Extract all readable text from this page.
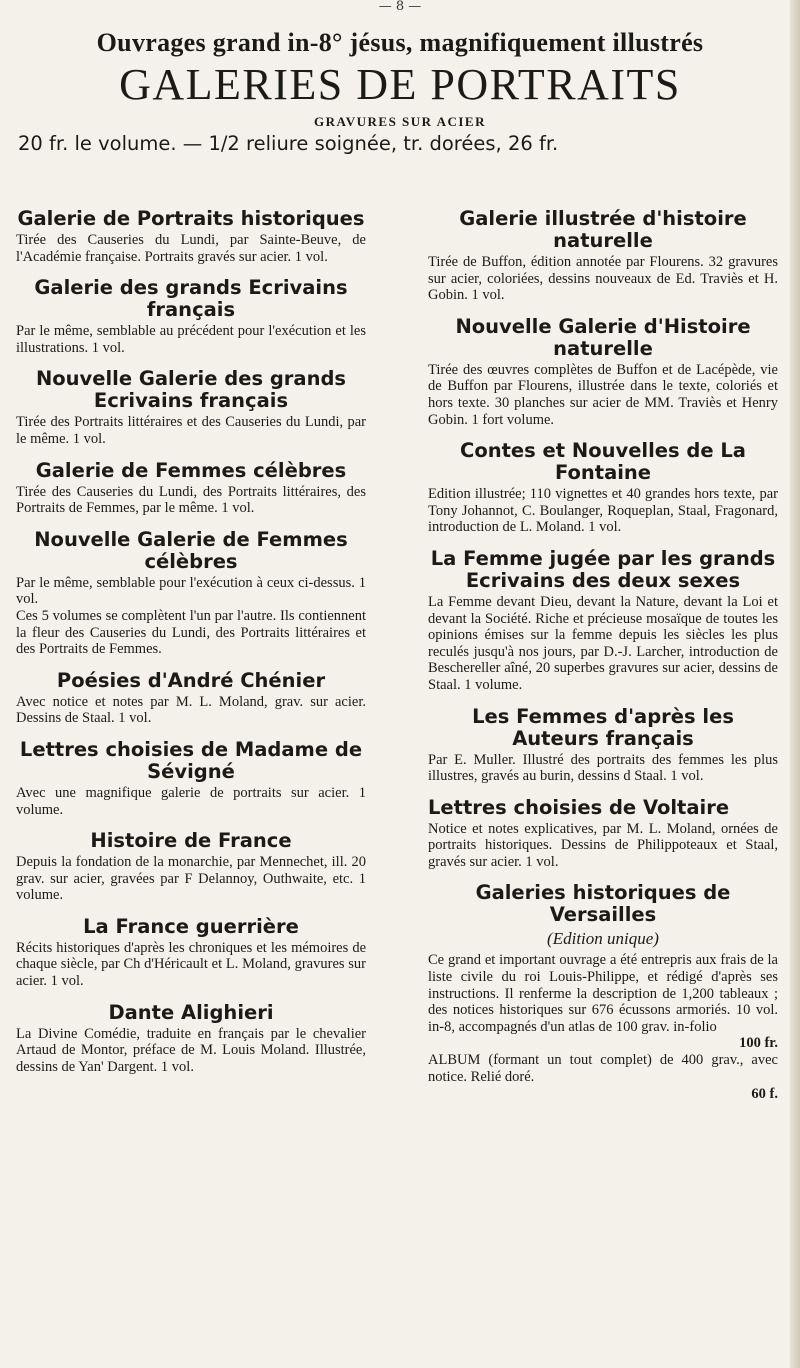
— 8 —
Ouvrages grand in-8° jésus, magnifiquement illustrés
GALERIES DE PORTRAITS
GRAVURES SUR ACIER
20 fr. le volume. — 1/2 reliure soignée, tr. dorées, 26 fr.
Galerie de Portraits historiques
Tirée des Causeries du Lundi, par Sainte-Beuve, de l'Académie française. Portraits gravés sur acier. 1 vol.
Galerie des grands Ecrivains français
Par le même, semblable au précédent pour l'exécution et les illustrations. 1 vol.
Nouvelle Galerie des grands Ecrivains français
Tirée des Portraits littéraires et des Causeries du Lundi, par le même. 1 vol.
Galerie de Femmes célèbres
Tirée des Causeries du Lundi, des Portraits littéraires, des Portraits de Femmes, par le même. 1 vol.
Nouvelle Galerie de Femmes célèbres
Par le même, semblable pour l'exécution à ceux ci-dessus. 1 vol.
Ces 5 volumes se complètent l'un par l'autre. Ils contiennent la fleur des Causeries du Lundi, des Portraits littéraires et des Portraits de Femmes.
Poésies d'André Chénier
Avec notice et notes par M. L. Moland, grav. sur acier. Dessins de Staal. 1 vol.
Lettres choisies de Madame de Sévigné
Avec une magnifique galerie de portraits sur acier. 1 volume.
Histoire de France
Depuis la fondation de la monarchie, par Mennechet, ill. 20 grav. sur acier, gravées par F Delannoy, Outhwaite, etc. 1 volume.
La France guerrière
Récits historiques d'après les chroniques et les mémoires de chaque siècle, par Ch d'Héricault et L. Moland, gravures sur acier. 1 vol.
Dante Alighieri
La Divine Comédie, traduite en français par le chevalier Artaud de Montor, préface de M. Louis Moland. Illustrée, dessins de Yan' Dargent. 1 vol.
Galerie illustrée d'histoire naturelle
Tirée de Buffon, édition annotée par Flourens. 32 gravures sur acier, coloriées, dessins nouveaux de Ed. Traviès et H. Gobin. 1 vol.
Nouvelle Galerie d'Histoire naturelle
Tirée des œuvres complètes de Buffon et de Lacépède, vie de Buffon par Flourens, illustrée dans le texte, coloriés et hors texte. 30 planches sur acier de MM. Traviès et Henry Gobin. 1 fort volume.
Contes et Nouvelles de La Fontaine
Edition illustrée; 110 vignettes et 40 grandes hors texte, par Tony Johannot, C. Boulanger, Roqueplan, Staal, Fragonard, introduction de L. Moland. 1 vol.
La Femme jugée par les grands Ecrivains des deux sexes
La Femme devant Dieu, devant la Nature, devant la Loi et devant la Société. Riche et précieuse mosaïque de toutes les opinions émises sur la femme depuis les siècles les plus reculés jusqu'à nos jours, par D.-J. Larcher, introduction de Beschereller aîné, 20 superbes gravures sur acier, dessins de Staal. 1 volume.
Les Femmes d'après les Auteurs français
Par E. Muller. Illustré des portraits des femmes les plus illustres, gravés au burin, dessins d Staal. 1 vol.
Lettres choisies de Voltaire
Notice et notes explicatives, par M. L. Moland, ornées de portraits historiques. Dessins de Philippoteaux et Staal, gravés sur acier. 1 vol.
Galeries historiques de Versailles
(Edition unique)
Ce grand et important ouvrage a été entrepris aux frais de la liste civile du roi Louis-Philippe, et rédigé d'après ses instructions. Il renferme la description de 1,200 tableaux ; des notices historiques sur 676 écussons armoriés. 10 vol. in-8, accompagnés d'un atlas de 100 grav. in-folio
100 fr.
ALBUM (formant un tout complet) de 400 grav., avec notice. Relié doré.
60 f.
